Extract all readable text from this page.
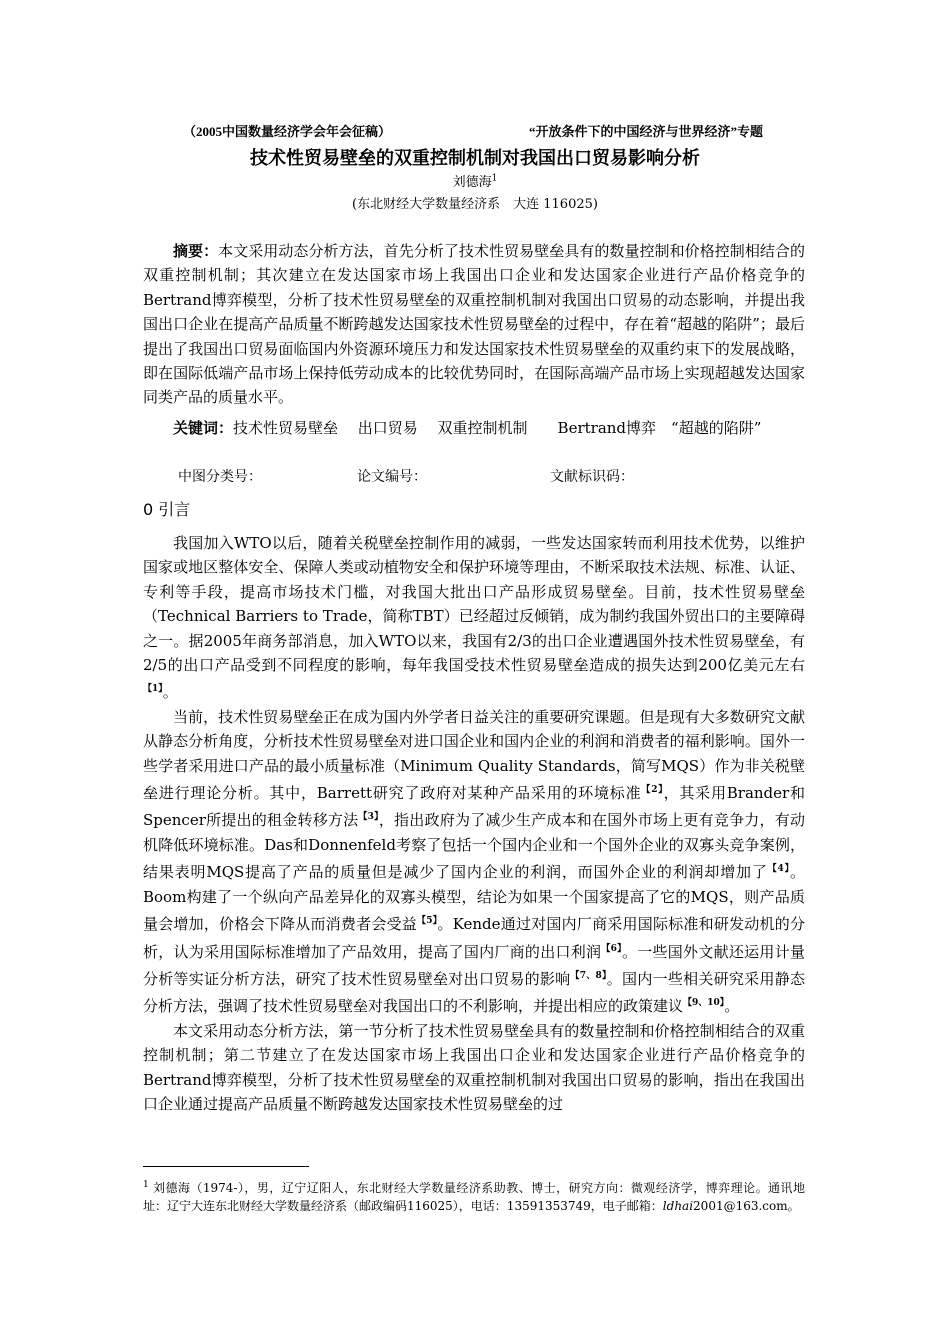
（2005中国数量经济学会年会征稿）	“开放条件下的中国经济与世界经济”专题
技术性贸易壁垒的双重控制机制对我国出口贸易影响分析
刘德海$^1$
(东北财经大学数量经济系　大连 116025)

摘要：本文采用动态分析方法，首先分析了技术性贸易壁垒具有的数量控制和价格控制相结合的双重控制机制；其次建立在发达国家市场上我国出口企业和发达国家企业进行产品价格竞争的Bertrand博弈模型，分析了技术性贸易壁垒的双重控制机制对我国出口贸易的动态影响，并提出我国出口企业在提高产品质量不断跨越发达国家技术性贸易壁垒的过程中，存在着“超越的陷阱”；最后提出了我国出口贸易面临国内外资源环境压力和发达国家技术性贸易壁垒的双重约束下的发展战略，即在国际低端产品市场上保持低劳动成本的比较优势同时，在国际高端产品市场上实现超越发达国家同类产品的质量水平。

关键词：技术性贸易壁垒　 出口贸易　 双重控制机制　　Bertrand博弈　“超越的陷阱”

中图分类号：	论文编号：	文献标识码：
0 引言

我国加入WTO以后，随着关税壁垒控制作用的减弱，一些发达国家转而利用技术优势，以维护国家或地区整体安全、保障人类或动植物安全和保护环境等理由，不断采取技术法规、标准、认证、专利等手段，提高市场技术门槛，对我国大批出口产品形成贸易壁垒。目前，技术性贸易壁垒（Technical Barriers to Trade，简称TBT）已经超过反倾销，成为制约我国外贸出口的主要障碍之一。据2005年商务部消息，加入WTO以来，我国有2/3的出口企业遭遇国外技术性贸易壁垒，有2/5的出口产品受到不同程度的影响，每年我国受技术性贸易壁垒造成的损失达到200亿美元左右$^{【1】}$。

当前，技术性贸易壁垒正在成为国内外学者日益关注的重要研究课题。但是现有大多数研究文献从静态分析角度，分析技术性贸易壁垒对进口国企业和国内企业的利润和消费者的福利影响。国外一些学者采用进口产品的最小质量标准（Minimum Quality Standards，简写MQS）作为非关税壁垒进行理论分析。其中，Barrett研究了政府对某种产品采用的环境标准$^{【2】}$，其采用Brander和Spencer所提出的租金转移方法$^{【3】}$，指出政府为了减少生产成本和在国外市场上更有竞争力，有动机降低环境标准。Das和Donnenfeld考察了包括一个国内企业和一个国外企业的双寡头竞争案例，结果表明MQS提高了产品的质量但是减少了国内企业的利润，而国外企业的利润却增加了$^{【4】}$。Boom构建了一个纵向产品差异化的双寡头模型，结论为如果一个国家提高了它的MQS，则产品质量会增加，价格会下降从而消费者会受益$^{【5】}$。Kende通过对国内厂商采用国际标准和研发动机的分析，认为采用国际标准增加了产品效用，提高了国内厂商的出口利润$^{【6】}$。一些国外文献还运用计量分析等实证分析方法，研究了技术性贸易壁垒对出口贸易的影响$^{【7、8】}$。国内一些相关研究采用静态分析方法，强调了技术性贸易壁垒对我国出口的不利影响，并提出相应的政策建议$^{【9、10】}$。

本文采用动态分析方法，第一节分析了技术性贸易壁垒具有的数量控制和价格控制相结合的双重控制机制；第二节建立了在发达国家市场上我国出口企业和发达国家企业进行产品价格竞争的Bertrand博弈模型，分析了技术性贸易壁垒的双重控制机制对我国出口贸易的影响，指出在我国出口企业通过提高产品质量不断跨越发达国家技术性贸易壁垒的过

$^1$ 刘德海（1974-），男，辽宁辽阳人，东北财经大学数量经济系助教、博士，研究方向：微观经济学，博弈理论。通讯地址：辽宁大连东北财经大学数量经济系（邮政编码116025），电话：13591353749，电子邮箱：ldhai2001@163.com。
